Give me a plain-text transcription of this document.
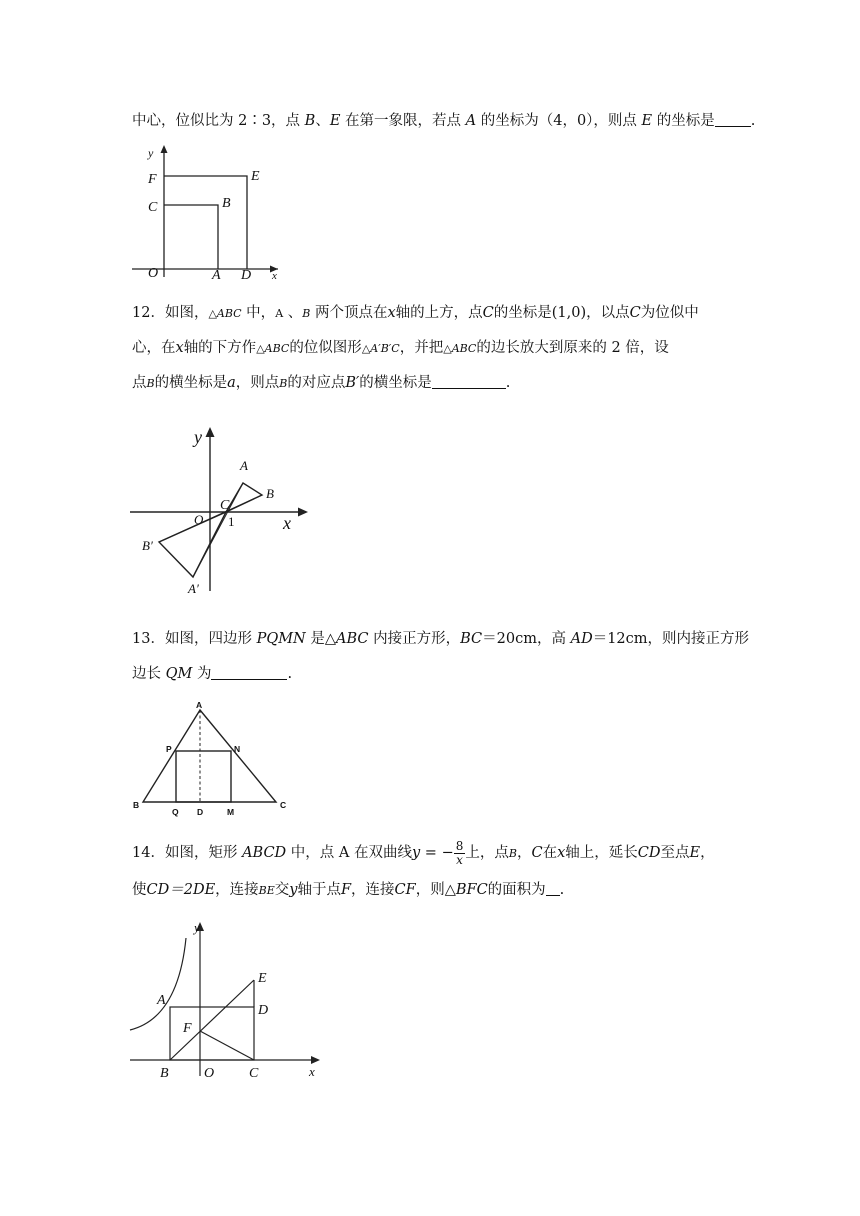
中心，位似比为 2∶3，点 B、E 在第一象限，若点 A 的坐标为（4，0），则点 E 的坐标是 .
y
F	E
C	B
O	A D x
12．如图，△ABC 中，A 、B 两个顶点在x轴的上方，点C的坐标是(1,0)，以点C为位似中
心，在x轴的下方作△ABC的位似图形△A′B′C，并把△ABC的边长放大到原来的 2 倍，设
点B的横坐标是a，则点B的对应点B′的横坐标是	.
y
x
A
B
C
O
B′
A′
1
13．如图，四边形 PQMN 是△ABC 内接正方形，BC＝20cm，高 AD＝12cm，则内接正方形
边长 QM 为	.
A
P	N
B
Q D	M
C
14．如图，矩形 ABCD 中，点 A 在双曲线y = − $\frac{8}{x}$ 上，点B，C在x轴上，延长CD至点E，
使CD＝2DE，连接BE交y轴于点F，连接CF，则△BFC的面积为 .
y
x
A
E
D
F
B	O C
